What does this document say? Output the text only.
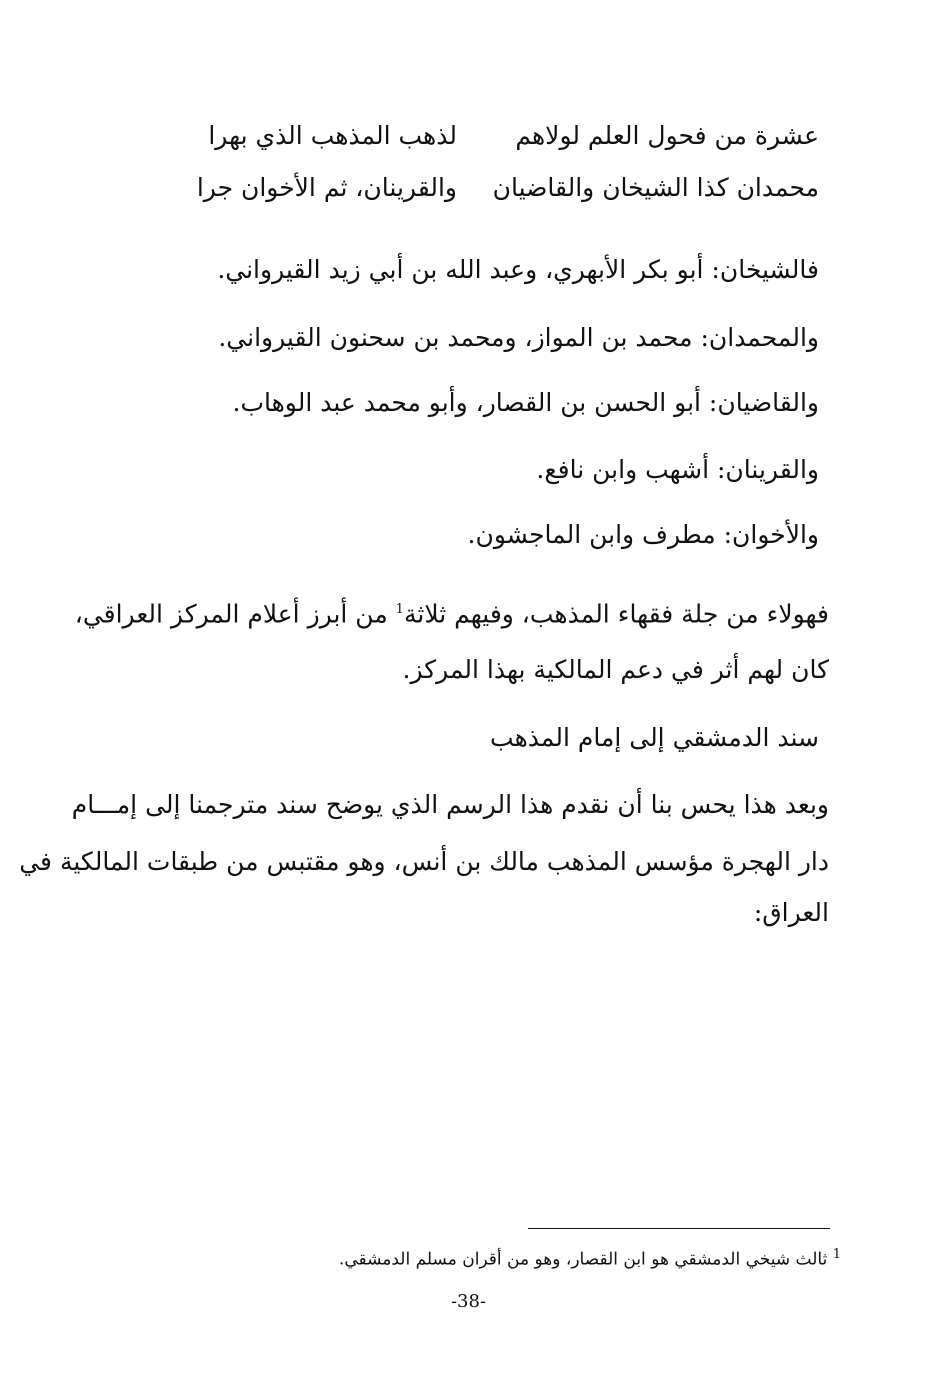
عشرة من فحول العلم لولاهم
لذهب المذهب الذي بهرا
محمدان كذا الشيخان والقاضيان
والقرينان، ثم الأخوان جرا
فالشيخان: أبو بكر الأبهري، وعبد الله بن أبي زيد القيرواني.
والمحمدان: محمد بن المواز، ومحمد بن سحنون القيرواني.
والقاضيان: أبو الحسن بن القصار، وأبو محمد عبد الوهاب.
والقرينان: أشهب وابن نافع.
والأخوان: مطرف وابن الماجشون.
فهولاء من جلة فقهاء المذهب، وفيهم ثلاثة$^1$ من أبرز أعلام المركز العراقي،
كان لهم أثر في دعم المالكية بهذا المركز.
سند الدمشقي إلى إمام المذهب
وبعد هذا يحس بنا أن نقدم هذا الرسم الذي يوضح سند مترجمنا إلى إمـــام
دار الهجرة مؤسس المذهب مالك بن أنس، وهو مقتبس من طبقات المالكية في
العراق:
$^1$ ثالث شيخي الدمشقي هو ابن القصار، وهو من أقران مسلم الدمشقي.
-38-
